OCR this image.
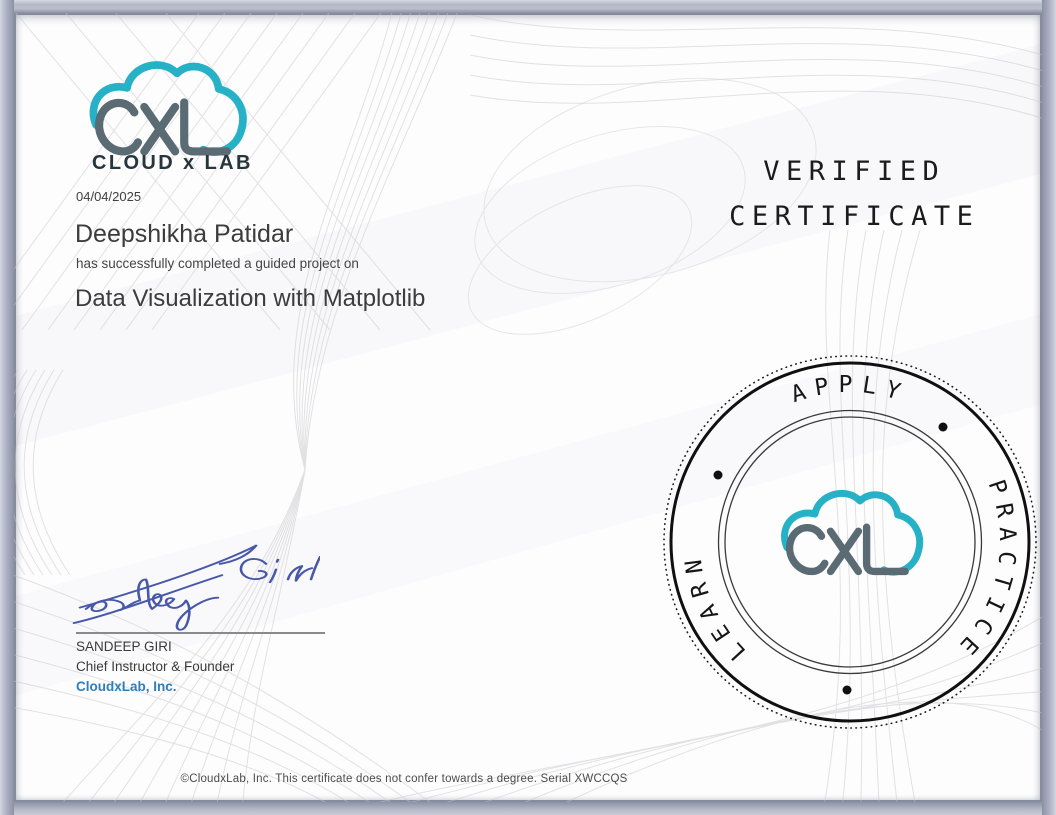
CLOUD x LAB
04/04/2025
Deepshikha Patidar
has successfully completed a guided project on
Data Visualization with Matplotlib
VERIFIED
CERTIFICATE
SANDEEP GIRI
Chief Instructor & Founder
CloudxLab, Inc.
©CloudxLab, Inc. This certificate does not confer towards a degree. Serial XWCCQS
APPLY
PRACTICE
LEARN
